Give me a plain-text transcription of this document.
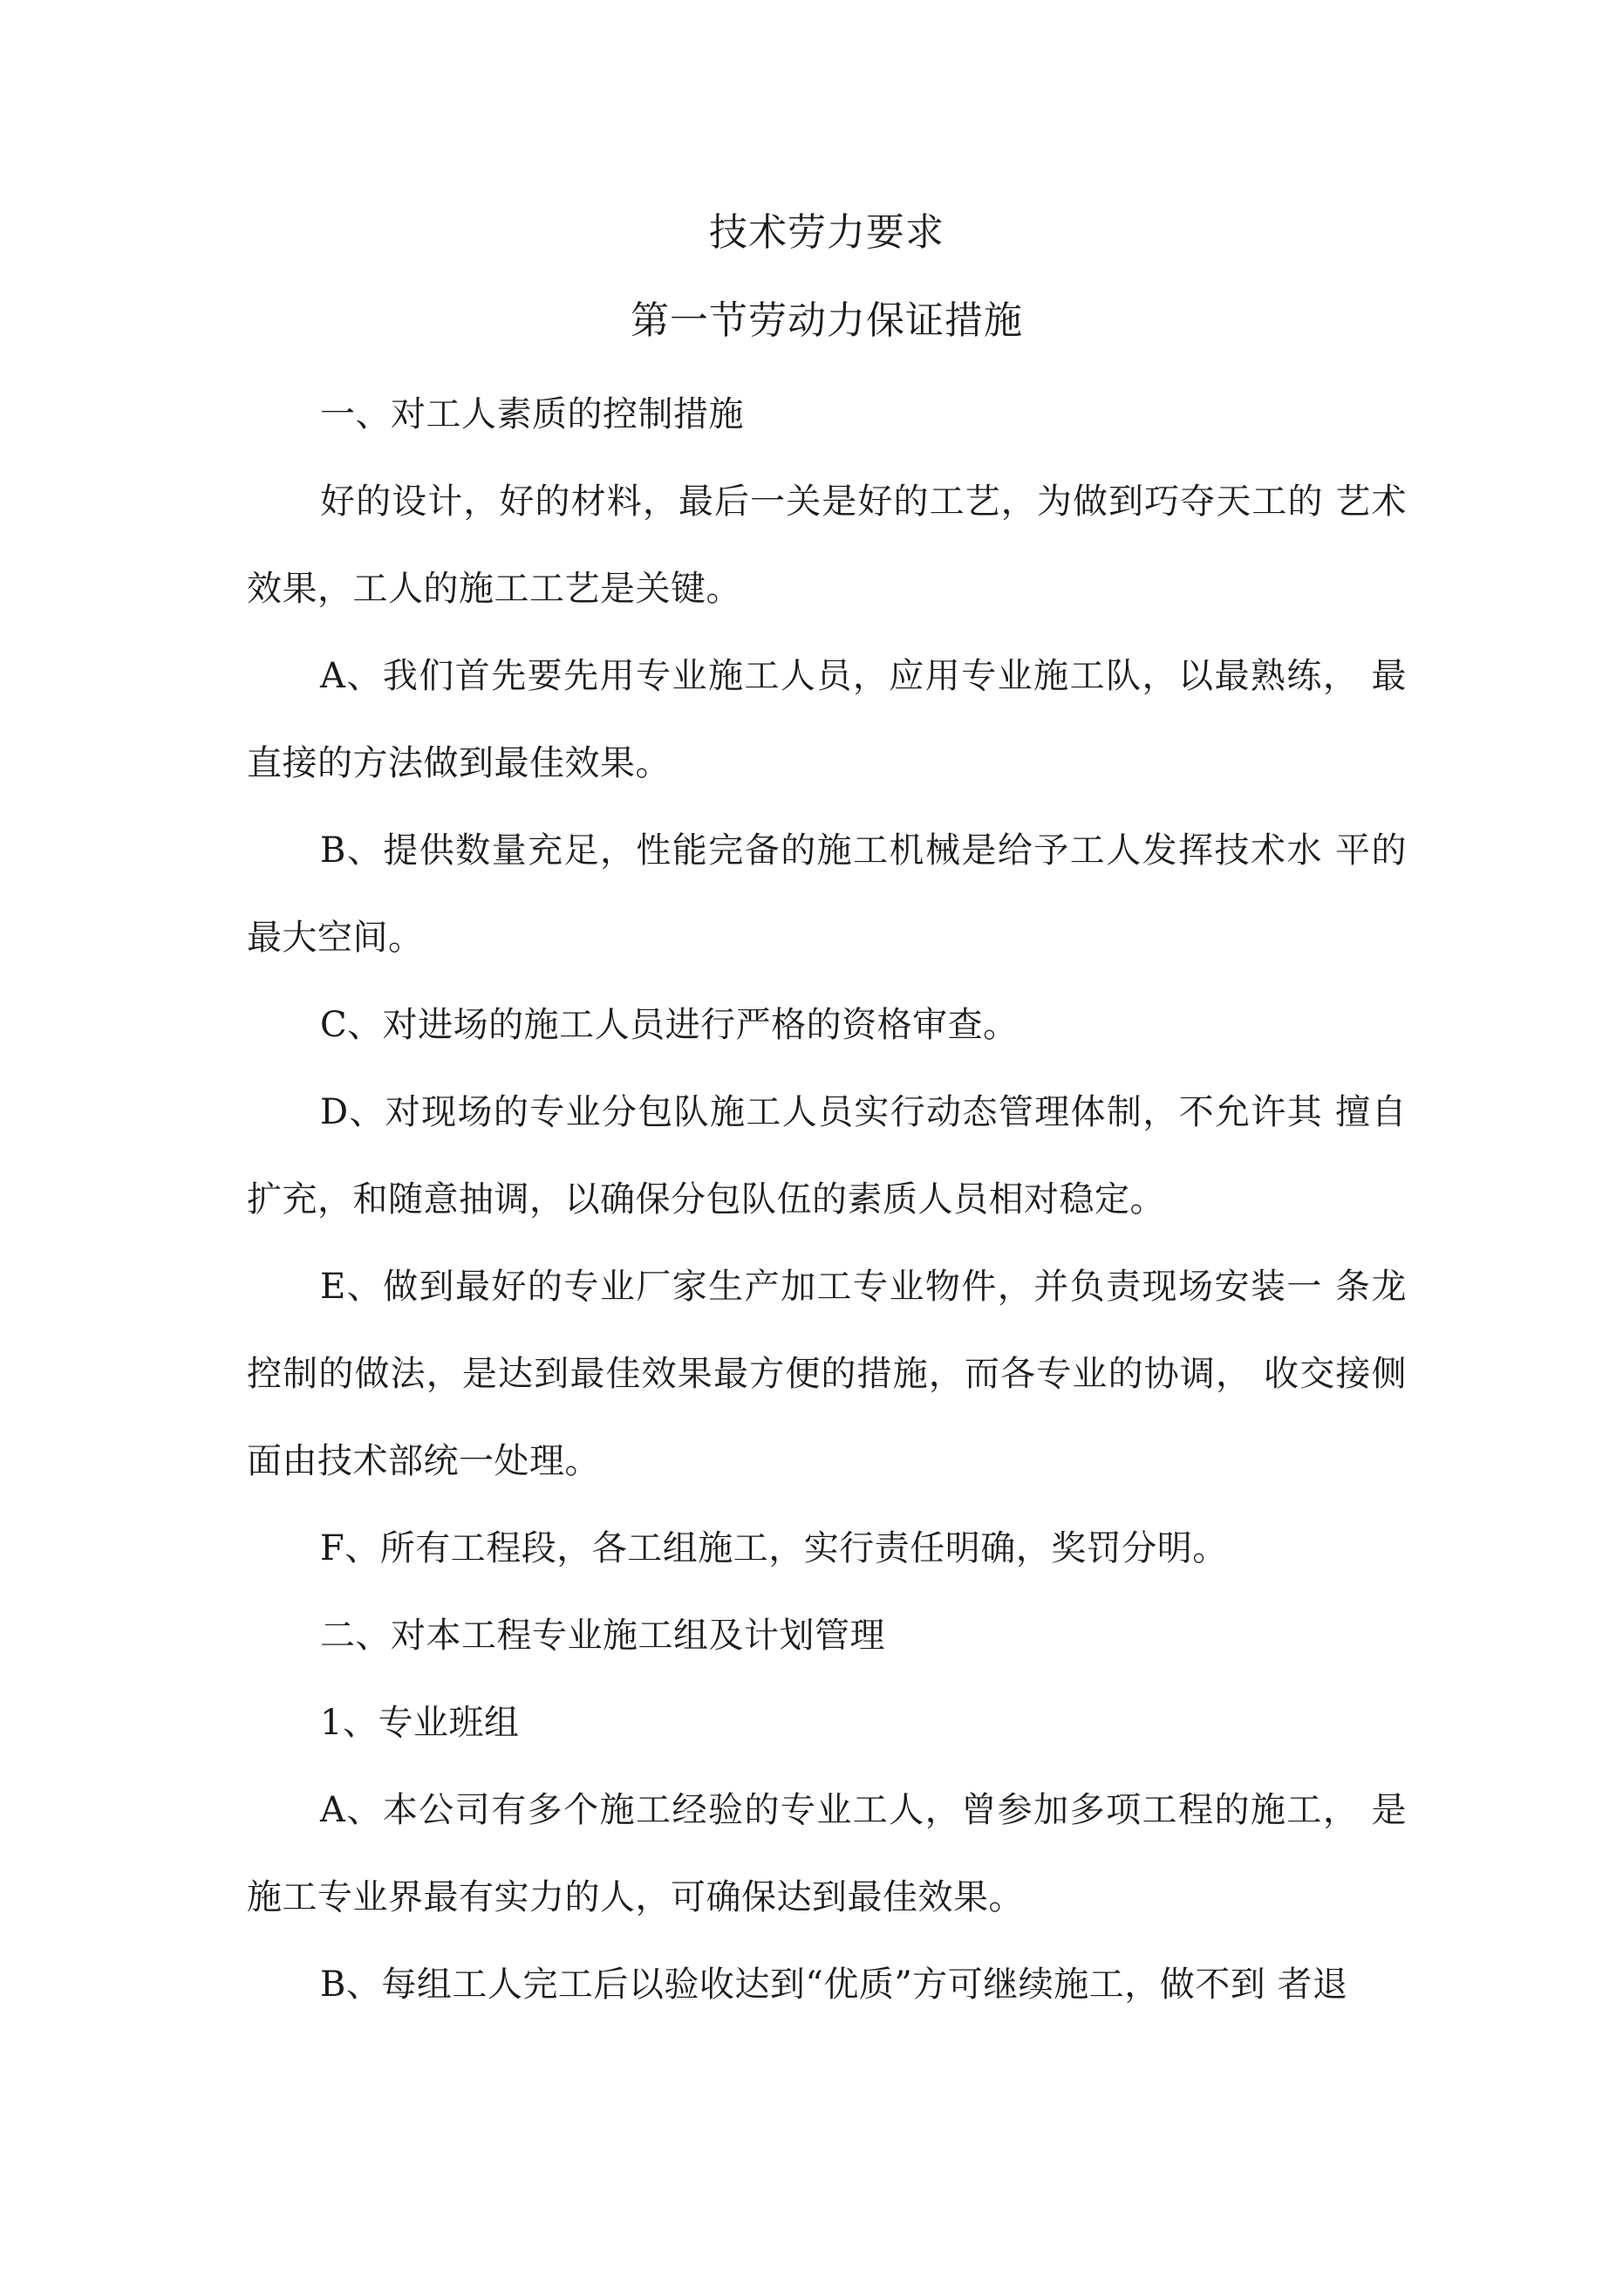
技术劳力要求
第一节劳动力保证措施

一、对工人素质的控制措施

好的设计，好的材料，最后一关是好的工艺，为做到巧夺天工的 艺术效果，工人的施工工艺是关键。

A、我们首先要先用专业施工人员，应用专业施工队，以最熟练， 最直接的方法做到最佳效果。

B、提供数量充足，性能完备的施工机械是给予工人发挥技术水 平的最大空间。

C、对进场的施工人员进行严格的资格审查。

D、对现场的专业分包队施工人员实行动态管理体制，不允许其 擅自扩充，和随意抽调，以确保分包队伍的素质人员相对稳定。

E、做到最好的专业厂家生产加工专业物件，并负责现场安装一 条龙控制的做法，是达到最佳效果最方便的措施，而各专业的协调， 收交接侧面由技术部统一处理。

F、所有工程段，各工组施工，实行责任明确，奖罚分明。

二、对本工程专业施工组及计划管理

1、专业班组

A、本公司有多个施工经验的专业工人，曾参加多项工程的施工， 是施工专业界最有实力的人，可确保达到最佳效果。

B、每组工人完工后以验收达到“优质”方可继续施工，做不到 者退
